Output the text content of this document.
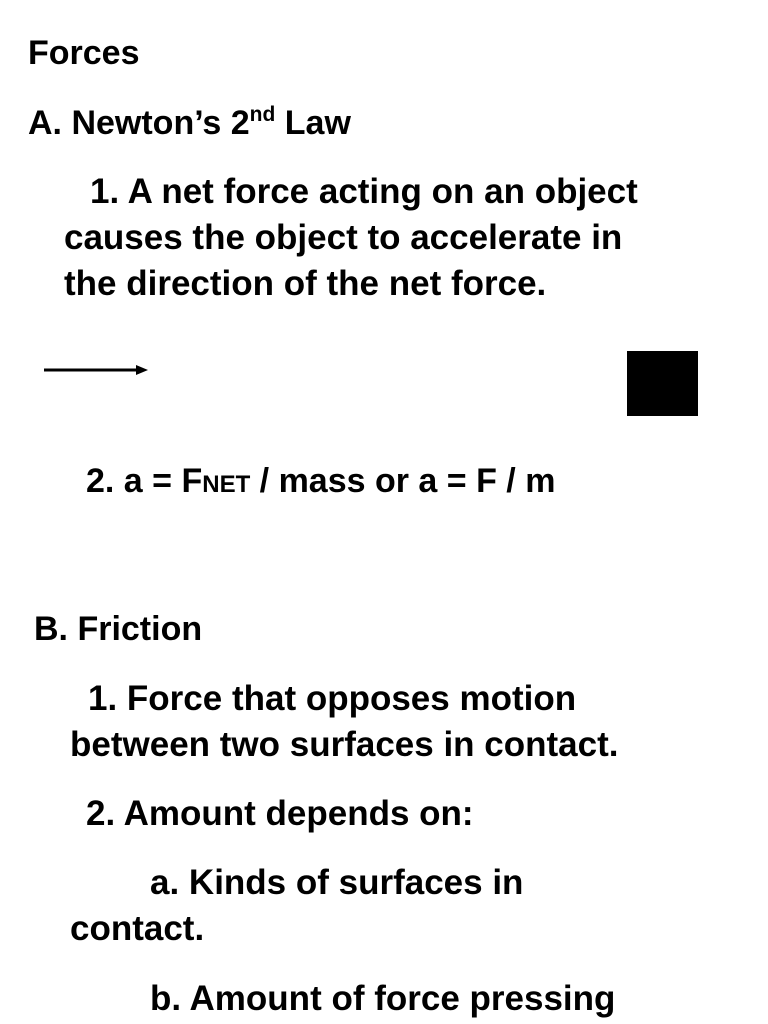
Forces
A. Newton’s 2nd Law
1. A net force acting on an object
causes the object to accelerate in
the direction of the net force.
2. a = FNET / mass or a = F / m
B. Friction
1. Force that opposes motion
between two surfaces in contact.
2. Amount depends on:
a. Kinds of surfaces in
contact.
b. Amount of force pressing
